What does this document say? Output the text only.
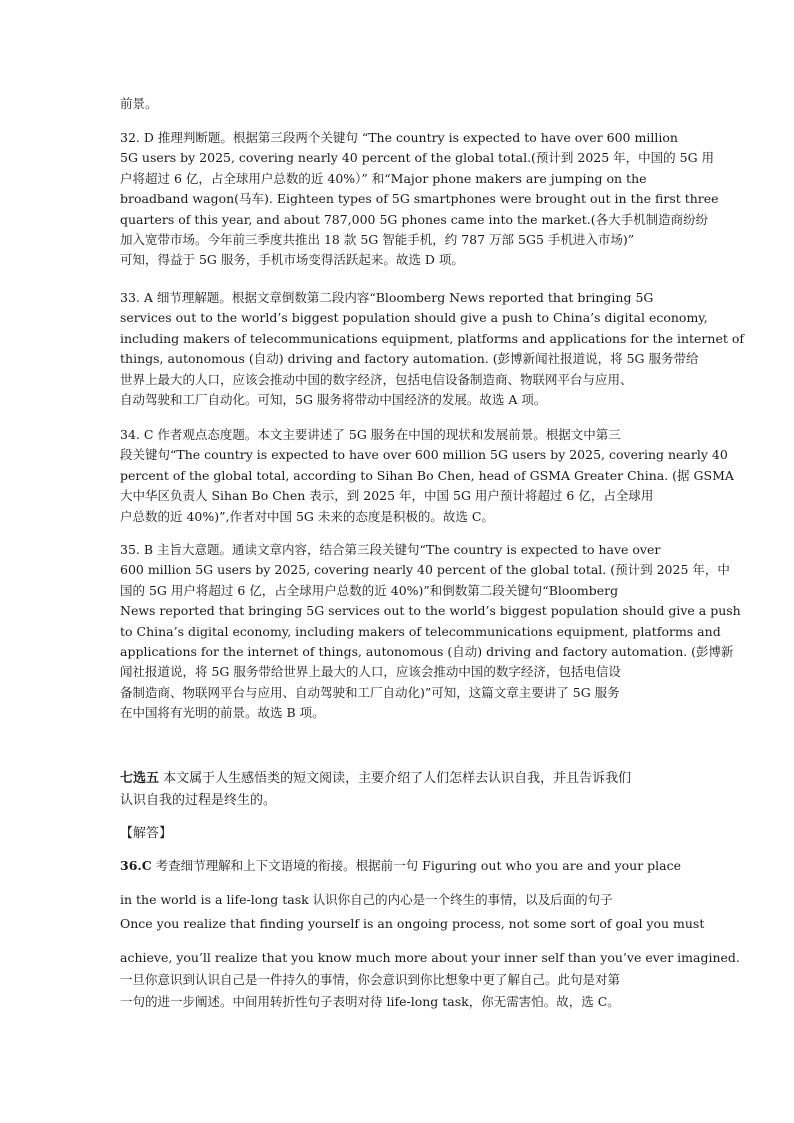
前景。

32. D 推理判断题。根据第三段两个关键句 “The country is expected to have over 600 million
5G users by 2025, covering nearly 40 percent of the global total.(预计到 2025 年，中国的 5G 用
户将超过 6 亿，占全球用户总数的近 40%）” 和“Major phone makers are jumping on the
broadband wagon(马车). Eighteen types of 5G smartphones were brought out in the first three
quarters of this year, and about 787,000 5G phones came into the market.(各大手机制造商纷纷
加入宽带市场。今年前三季度共推出 18 款 5G 智能手机，约 787 万部 5G5 手机进入市场)”
可知，得益于 5G 服务，手机市场变得活跃起来。故选 D 项。

33. A 细节理解题。根据文章倒数第二段内容“Bloomberg News reported that bringing 5G
services out to the world’s biggest population should give a push to China’s digital economy,
including makers of telecommunications equipment, platforms and applications for the internet of
things, autonomous (自动) driving and factory automation. (彭博新闻社报道说，将 5G 服务带给
世界上最大的人口，应该会推动中国的数字经济，包括电信设备制造商、物联网平台与应用、
自动驾驶和工厂自动化。可知，5G 服务将带动中国经济的发展。故选 A 项。

34. C 作者观点态度题。本文主要讲述了 5G 服务在中国的现状和发展前景。根据文中第三
段关键句“The country is expected to have over 600 million 5G users by 2025, covering nearly 40
percent of the global total, according to Sihan Bo Chen, head of GSMA Greater China. (据 GSMA
大中华区负责人 Sihan Bo Chen 表示，到 2025 年，中国 5G 用户预计将超过 6 亿，占全球用
户总数的近 40%)”,作者对中国 5G 未来的态度是积极的。故选 C。

35. B 主旨大意题。通读文章内容，结合第三段关键句“The country is expected to have over
600 million 5G users by 2025, covering nearly 40 percent of the global total. (预计到 2025 年，中
国的 5G 用户将超过 6 亿，占全球用户总数的近 40%)”和倒数第二段关键句“Bloomberg
News reported that bringing 5G services out to the world’s biggest population should give a push
to China’s digital economy, including makers of telecommunications equipment, platforms and
applications for the internet of things, autonomous (自动) driving and factory automation. (彭博新
闻社报道说，将 5G 服务带给世界上最大的人口，应该会推动中国的数字经济，包括电信设
备制造商、物联网平台与应用、自动驾驶和工厂自动化)”可知，这篇文章主要讲了 5G 服务
在中国将有光明的前景。故选 B 项。

七选五 本文属于人生感悟类的短文阅读，主要介绍了人们怎样去认识自我，并且告诉我们
认识自我的过程是终生的。

【解答】
36.C 考查细节理解和上下文语境的衔接。根据前一句 Figuring out who you are and your place
in the world is a life-long task 认识你自己的内心是一个终生的事情，以及后面的句子
Once you realize that finding yourself is an ongoing process, not some sort of goal you must
achieve, you’ll realize that you know much more about your inner self than you’ve ever imagined.
一旦你意识到认识自己是一件持久的事情，你会意识到你比想象中更了解自己。此句是对第
一句的进一步阐述。中间用转折性句子表明对待 life-long task，你无需害怕。故，选 C。
